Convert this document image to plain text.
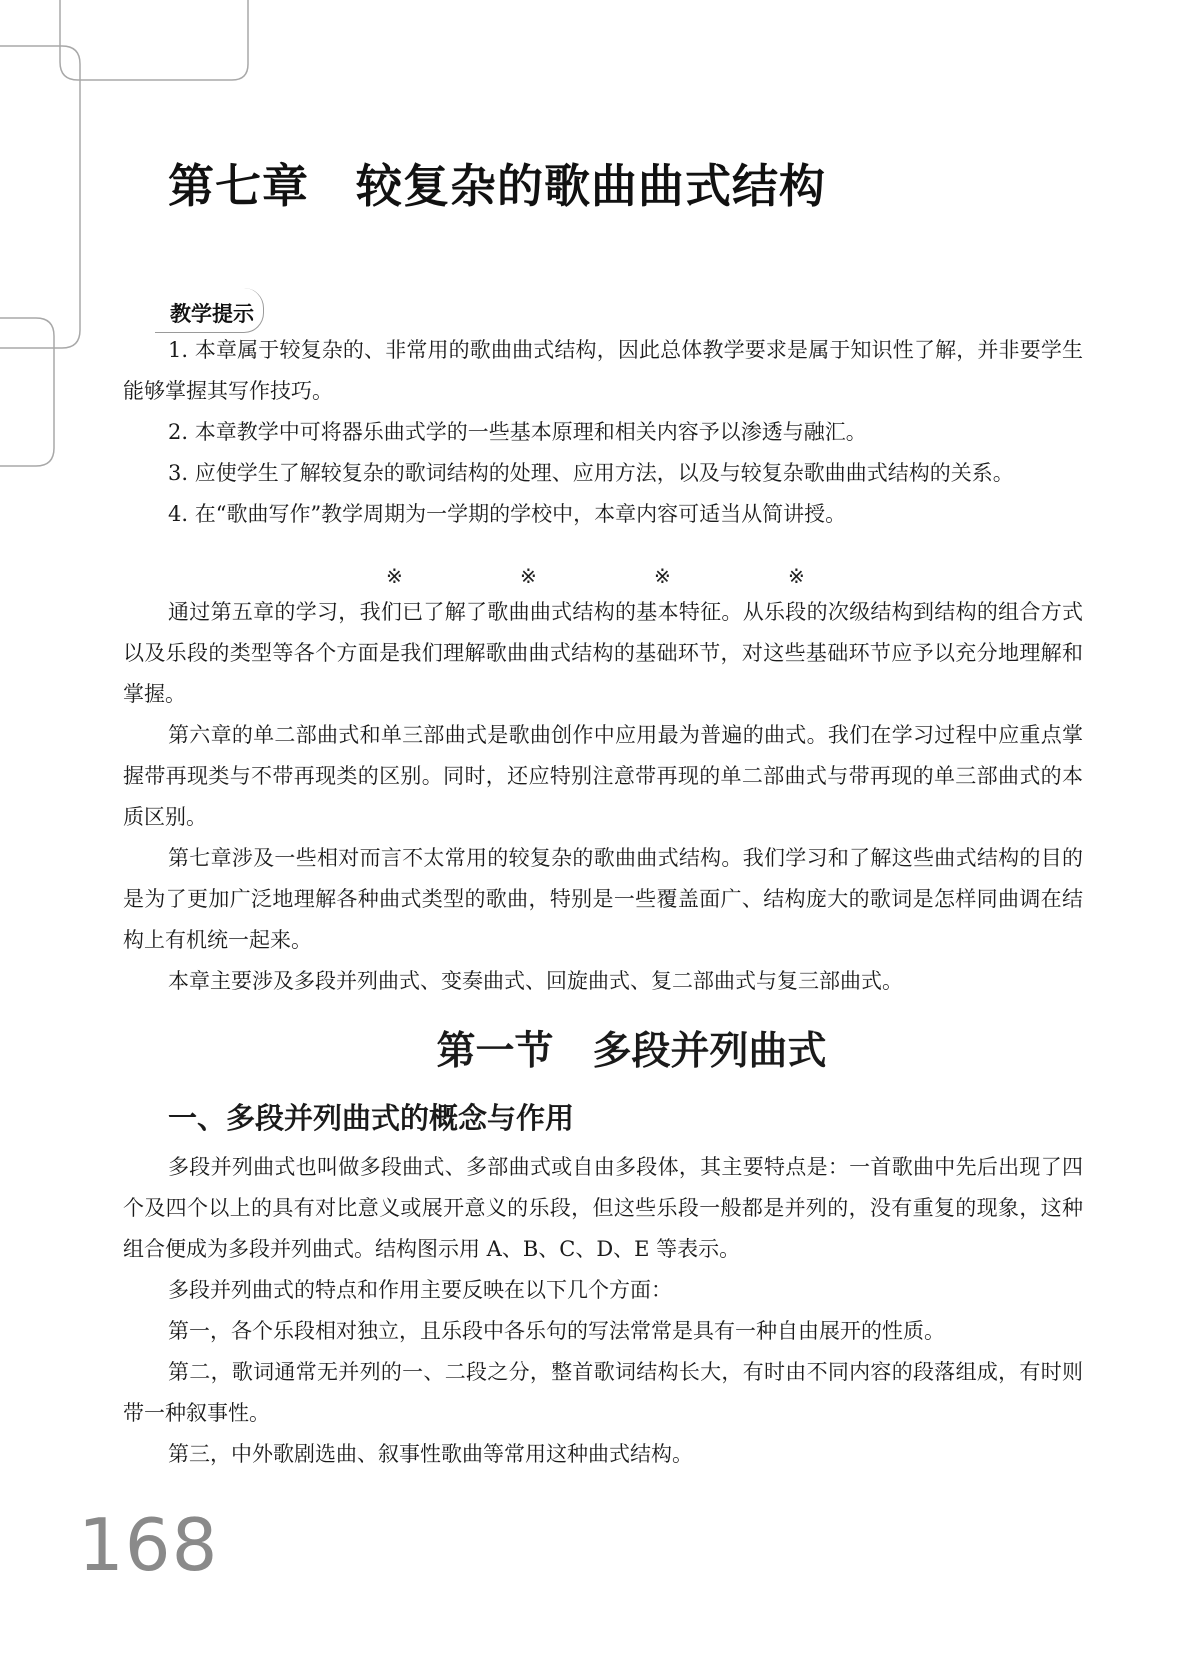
第七章　较复杂的歌曲曲式结构
教学提示

1. 本章属于较复杂的、非常用的歌曲曲式结构，因此总体教学要求是属于知识性了解，并非要学生能够掌握其写作技巧。

2. 本章教学中可将器乐曲式学的一些基本原理和相关内容予以渗透与融汇。

3. 应使学生了解较复杂的歌词结构的处理、应用方法，以及与较复杂歌曲曲式结构的关系。

4. 在“歌曲写作”教学周期为一学期的学校中，本章内容可适当从简讲授。

※	※	※	※

通过第五章的学习，我们已了解了歌曲曲式结构的基本特征。从乐段的次级结构到结构的组合方式以及乐段的类型等各个方面是我们理解歌曲曲式结构的基础环节，对这些基础环节应予以充分地理解和掌握。

第六章的单二部曲式和单三部曲式是歌曲创作中应用最为普遍的曲式。我们在学习过程中应重点掌握带再现类与不带再现类的区别。同时，还应特别注意带再现的单二部曲式与带再现的单三部曲式的本质区别。

第七章涉及一些相对而言不太常用的较复杂的歌曲曲式结构。我们学习和了解这些曲式结构的目的是为了更加广泛地理解各种曲式类型的歌曲，特别是一些覆盖面广、结构庞大的歌词是怎样同曲调在结构上有机统一起来。

本章主要涉及多段并列曲式、变奏曲式、回旋曲式、复二部曲式与复三部曲式。

第一节　多段并列曲式
一、多段并列曲式的概念与作用

多段并列曲式也叫做多段曲式、多部曲式或自由多段体，其主要特点是：一首歌曲中先后出现了四个及四个以上的具有对比意义或展开意义的乐段，但这些乐段一般都是并列的，没有重复的现象，这种组合便成为多段并列曲式。结构图示用 A、B、C、D、E 等表示。

多段并列曲式的特点和作用主要反映在以下几个方面：

第一，各个乐段相对独立，且乐段中各乐句的写法常常是具有一种自由展开的性质。

第二，歌词通常无并列的一、二段之分，整首歌词结构长大，有时由不同内容的段落组成，有时则带一种叙事性。

第三，中外歌剧选曲、叙事性歌曲等常用这种曲式结构。

168
